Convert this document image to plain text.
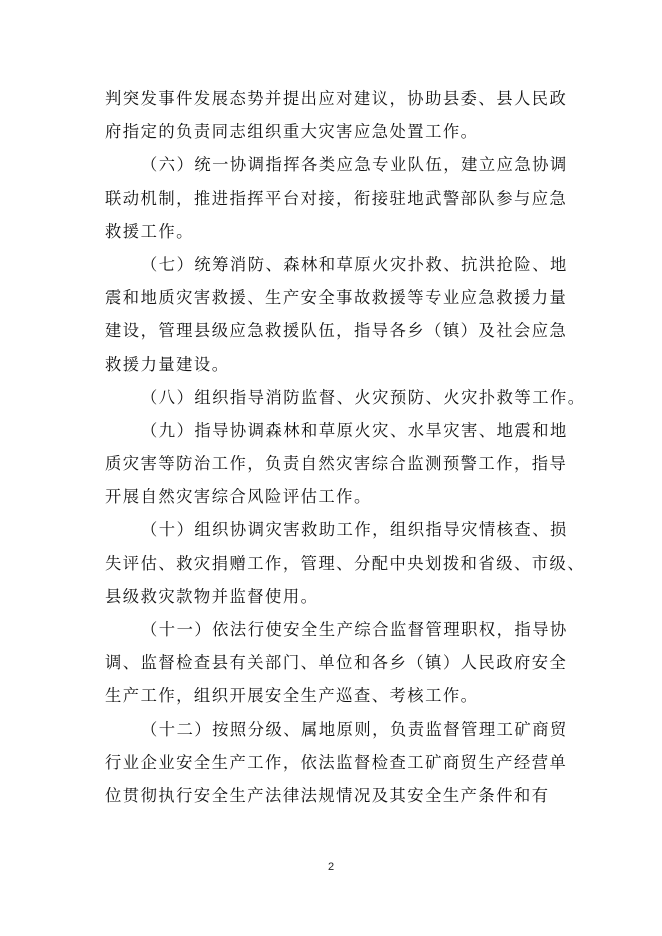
判突发事件发展态势并提出应对建议，协助县委、县人民政
府指定的负责同志组织重大灾害应急处置工作。
（六）统一协调指挥各类应急专业队伍，建立应急协调
联动机制，推进指挥平台对接，衔接驻地武警部队参与应急
救援工作。
（七）统筹消防、森林和草原火灾扑救、抗洪抢险、地
震和地质灾害救援、生产安全事故救援等专业应急救援力量
建设，管理县级应急救援队伍，指导各乡（镇）及社会应急
救援力量建设。
（八）组织指导消防监督、火灾预防、火灾扑救等工作。
（九）指导协调森林和草原火灾、水旱灾害、地震和地
质灾害等防治工作，负责自然灾害综合监测预警工作，指导
开展自然灾害综合风险评估工作。
（十）组织协调灾害救助工作，组织指导灾情核查、损
失评估、救灾捐赠工作，管理、分配中央划拨和省级、市级、
县级救灾款物并监督使用。
（十一）依法行使安全生产综合监督管理职权，指导协
调、监督检查县有关部门、单位和各乡（镇）人民政府安全
生产工作，组织开展安全生产巡查、考核工作。
（十二）按照分级、属地原则，负责监督管理工矿商贸
行业企业安全生产工作，依法监督检查工矿商贸生产经营单
位贯彻执行安全生产法律法规情况及其安全生产条件和有
2
